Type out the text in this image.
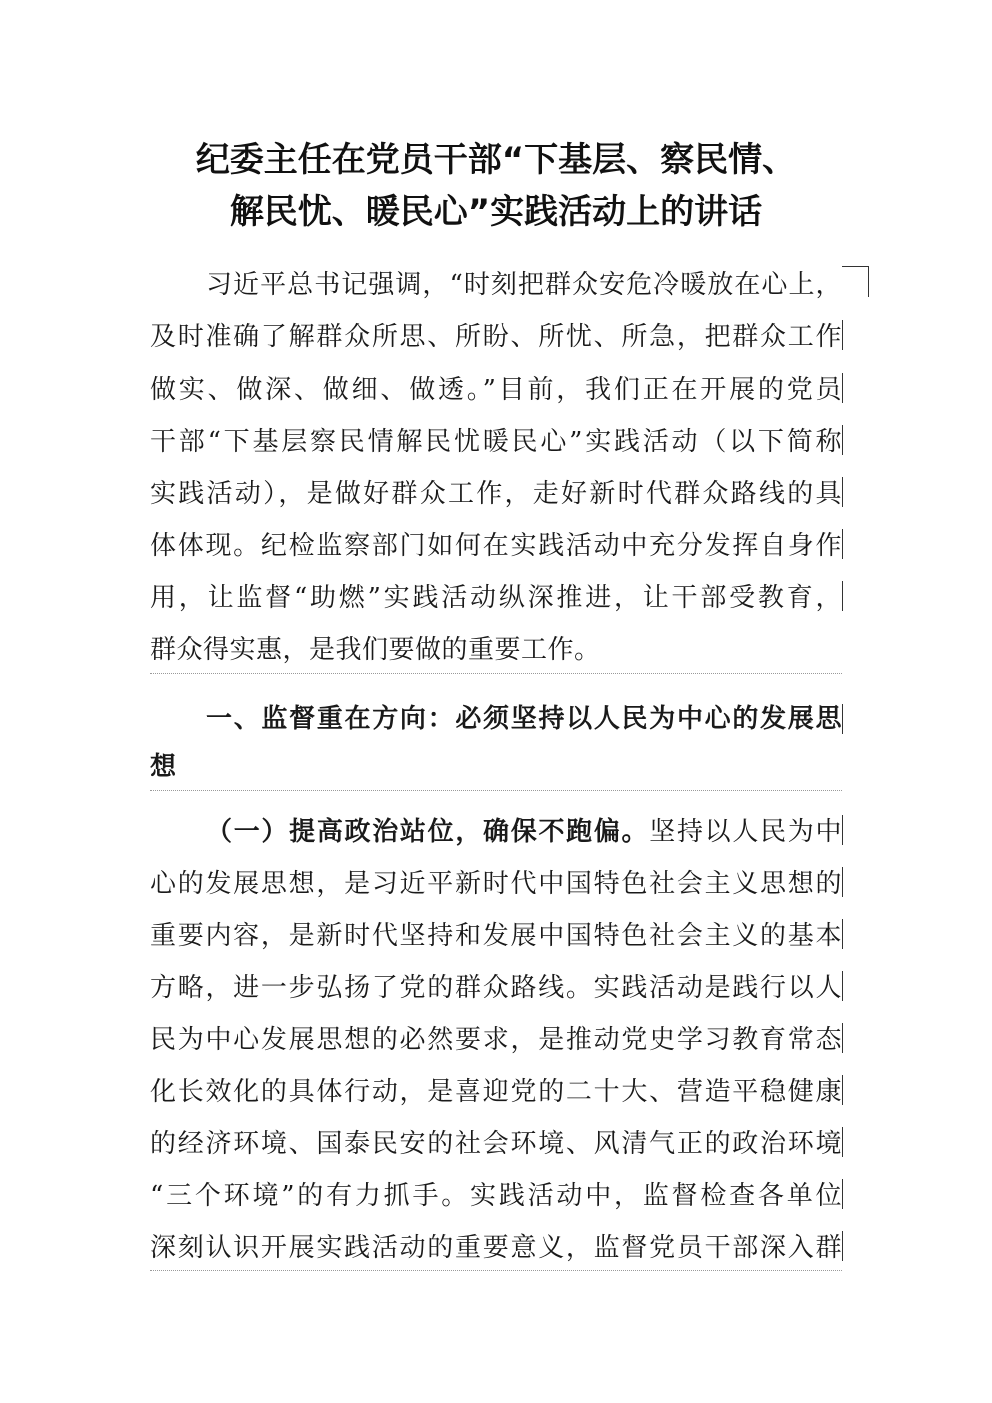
纪委主任在党员干部“下基层、察民情、
解民忧、暖民心”实践活动上的讲话
习近平总书记强调，“时刻把群众安危冷暖放在心上，
及时准确了解群众所思、所盼、所忧、所急，把群众工作
做实、做深、做细、做透。”目前，我们正在开展的党员
干部“下基层察民情解民忧暖民心”实践活动（以下简称
实践活动），是做好群众工作，走好新时代群众路线的具
体体现。纪检监察部门如何在实践活动中充分发挥自身作
用，让监督“助燃”实践活动纵深推进，让干部受教育，
群众得实惠，是我们要做的重要工作。
一、监督重在方向：必须坚持以人民为中心的发展思
想
（一）提高政治站位，确保不跑偏。坚持以人民为中
心的发展思想，是习近平新时代中国特色社会主义思想的
重要内容，是新时代坚持和发展中国特色社会主义的基本
方略，进一步弘扬了党的群众路线。实践活动是践行以人
民为中心发展思想的必然要求，是推动党史学习教育常态
化长效化的具体行动，是喜迎党的二十大、营造平稳健康
的经济环境、国泰民安的社会环境、风清气正的政治环境
“三个环境”的有力抓手。实践活动中，监督检查各单位
深刻认识开展实践活动的重要意义，监督党员干部深入群
